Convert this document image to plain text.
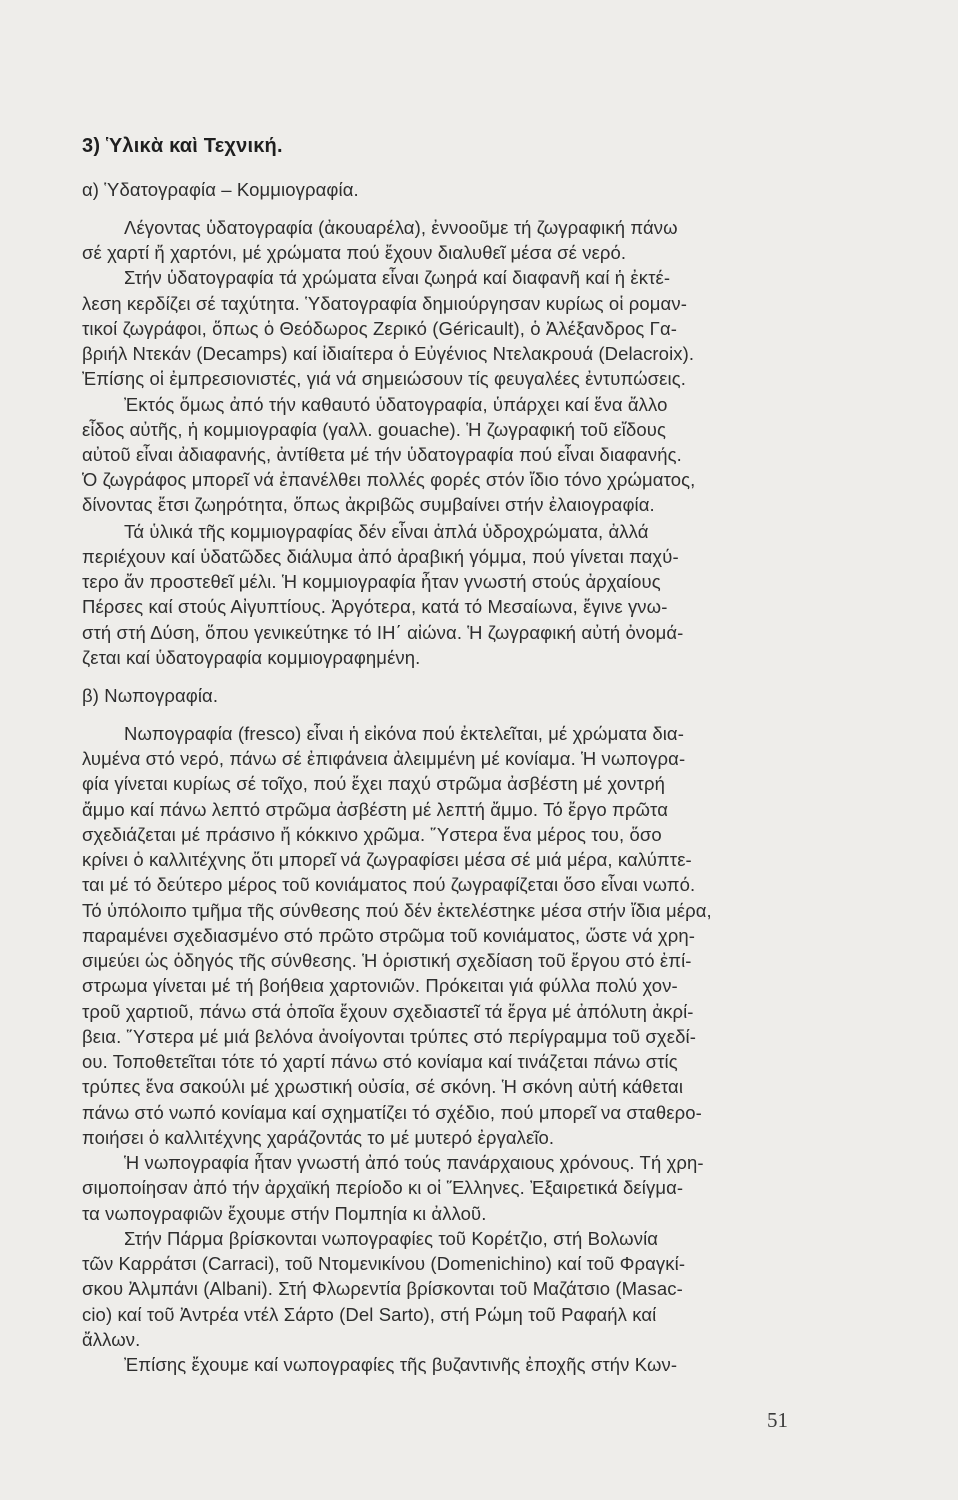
3) Ὑλικὰ καὶ Τεχνική.
α) Ὑδατογραφία – Κομμιογραφία.
Λέγοντας ὑδατογραφία (ἀκουαρέλα), ἐννοοῦμε τή ζωγραφική πάνω
σέ χαρτί ἤ χαρτόνι, μέ χρώματα πού ἔχουν διαλυθεῖ μέσα σέ νερό.
Στήν ὑδατογραφία τά χρώματα εἶναι ζωηρά καί διαφανῆ καί ἡ ἐκτέ-
λεση κερδίζει σέ ταχύτητα. Ὑδατογραφία δημιούργησαν κυρίως οἱ ρομαν-
τικοί ζωγράφοι, ὅπως ὁ Θεόδωρος Ζερικό (Géricault), ὁ Ἀλέξανδρος Γα-
βριήλ Ντεκάν (Decamps) καί ἰδιαίτερα ὁ Εὐγένιος Ντελακρουά (Delacroix).
Ἐπίσης οἱ ἐμπρεσιονιστές, γιά νά σημειώσουν τίς φευγαλέες ἐντυπώσεις.
Ἐκτός ὅμως ἀπό τήν καθαυτό ὑδατογραφία, ὑπάρχει καί ἕνα ἄλλο
εἶδος αὐτῆς, ἡ κομμιογραφία (γαλλ. gouache). Ἡ ζωγραφική τοῦ εἴδους
αὐτοῦ εἶναι ἀδιαφανής, ἀντίθετα μέ τήν ὑδατογραφία πού εἶναι διαφανής.
Ὁ ζωγράφος μπορεῖ νά ἐπανέλθει πολλές φορές στόν ἴδιο τόνο χρώματος,
δίνοντας ἔτσι ζωηρότητα, ὅπως ἀκριβῶς συμβαίνει στήν ἐλαιογραφία.
Τά ὑλικά τῆς κομμιογραφίας δέν εἶναι ἁπλά ὑδροχρώματα, ἀλλά
περιέχουν καί ὑδατῶδες διάλυμα ἀπό ἀραβική γόμμα, πού γίνεται παχύ-
τερο ἄν προστεθεῖ μέλι. Ἡ κομμιογραφία ἦταν γνωστή στούς ἀρχαίους
Πέρσες καί στούς Αἰγυπτίους. Ἀργότερα, κατά τό Μεσαίωνα, ἔγινε γνω-
στή στή Δύση, ὅπου γενικεύτηκε τό ΙΗ΄ αἰώνα. Ἡ ζωγραφική αὐτή ὀνομά-
ζεται καί ὑδατογραφία κομμιογραφημένη.
β) Νωπογραφία.
Νωπογραφία (fresco) εἶναι ἡ εἰκόνα πού ἐκτελεῖται, μέ χρώματα δια-
λυμένα στό νερό, πάνω σέ ἐπιφάνεια ἀλειμμένη μέ κονίαμα. Ἡ νωπογρα-
φία γίνεται κυρίως σέ τοῖχο, πού ἔχει παχύ στρῶμα ἀσβέστη μέ χοντρή
ἄμμο καί πάνω λεπτό στρῶμα ἀσβέστη μέ λεπτή ἄμμο. Τό ἔργο πρῶτα
σχεδιάζεται μέ πράσινο ἤ κόκκινο χρῶμα. Ὕστερα ἕνα μέρος του, ὅσο
κρίνει ὁ καλλιτέχνης ὅτι μπορεῖ νά ζωγραφίσει μέσα σέ μιά μέρα, καλύπτε-
ται μέ τό δεύτερο μέρος τοῦ κονιάματος πού ζωγραφίζεται ὅσο εἶναι νωπό.
Τό ὑπόλοιπο τμῆμα τῆς σύνθεσης πού δέν ἐκτελέστηκε μέσα στήν ἴδια μέρα,
παραμένει σχεδιασμένο στό πρῶτο στρῶμα τοῦ κονιάματος, ὥστε νά χρη-
σιμεύει ὡς ὁδηγός τῆς σύνθεσης. Ἡ ὁριστική σχεδίαση τοῦ ἔργου στό ἐπί-
στρωμα γίνεται μέ τή βοήθεια χαρτονιῶν. Πρόκειται γιά φύλλα πολύ χον-
τροῦ χαρτιοῦ, πάνω στά ὁποῖα ἔχουν σχεδιαστεῖ τά ἔργα μέ ἀπόλυτη ἀκρί-
βεια. Ὕστερα μέ μιά βελόνα ἀνοίγονται τρύπες στό περίγραμμα τοῦ σχεδί-
ου. Τοποθετεῖται τότε τό χαρτί πάνω στό κονίαμα καί τινάζεται πάνω στίς
τρύπες ἕνα σακούλι μέ χρωστική οὐσία, σέ σκόνη. Ἡ σκόνη αὐτή κάθεται
πάνω στό νωπό κονίαμα καί σχηματίζει τό σχέδιο, πού μπορεῖ να σταθερο-
ποιήσει ὁ καλλιτέχνης χαράζοντάς το μέ μυτερό ἐργαλεῖο.
Ἡ νωπογραφία ἦταν γνωστή ἀπό τούς πανάρχαιους χρόνους. Τή χρη-
σιμοποίησαν ἀπό τήν ἀρχαϊκή περίοδο κι οἱ Ἕλληνες. Ἐξαιρετικά δείγμα-
τα νωπογραφιῶν ἔχουμε στήν Πομπηία κι ἀλλοῦ.
Στήν Πάρμα βρίσκονται νωπογραφίες τοῦ Κορέτζιο, στή Βολωνία
τῶν Καρράτσι (Carraci), τοῦ Ντομενικίνου (Domenichino) καί τοῦ Φραγκί-
σκου Ἀλμπάνι (Albani). Στή Φλωρεντία βρίσκονται τοῦ Μαζάτσιο (Masac-
cio) καί τοῦ Ἀντρέα ντέλ Σάρτο (Del Sarto), στή Ρώμη τοῦ Ραφαήλ καί
ἄλλων.
Ἐπίσης ἔχουμε καί νωπογραφίες τῆς βυζαντινῆς ἐποχῆς στήν Κων-
51
